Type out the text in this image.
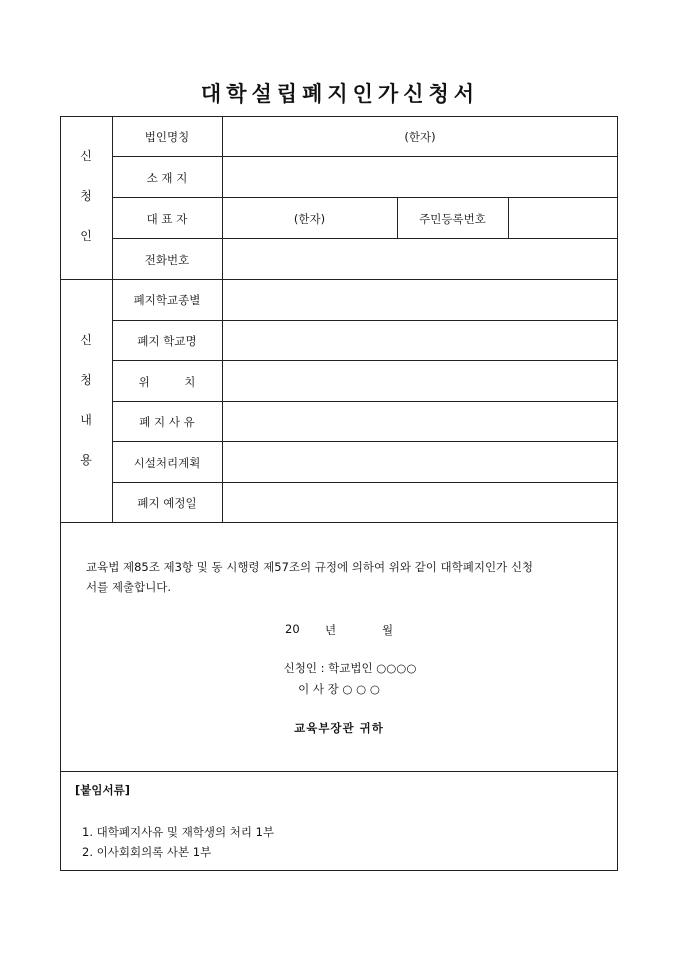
대학설립폐지인가신청서
신
청
인
법인명칭	(한자)
소 재 지
대 표 자	(한자)	주민등록번호
전화번호
신
청
내
용
폐지학교종별
폐지 학교명
위　　　치
폐 지 사 유
시설처리계획
폐지 예정일
교육법 제85조 제3항 및 동 시행령 제57조의 규정에 의하여 위와 같이 대학폐지인가 신청
서를 제출합니다.
20 년	월
신청인 : 학교법인 ○○○○
이 사 장 ○ ○ ○
교육부장관 귀하
[붙임서류]
1. 대학폐지사유 및 재학생의 처리 1부
2. 이사회회의록 사본 1부
